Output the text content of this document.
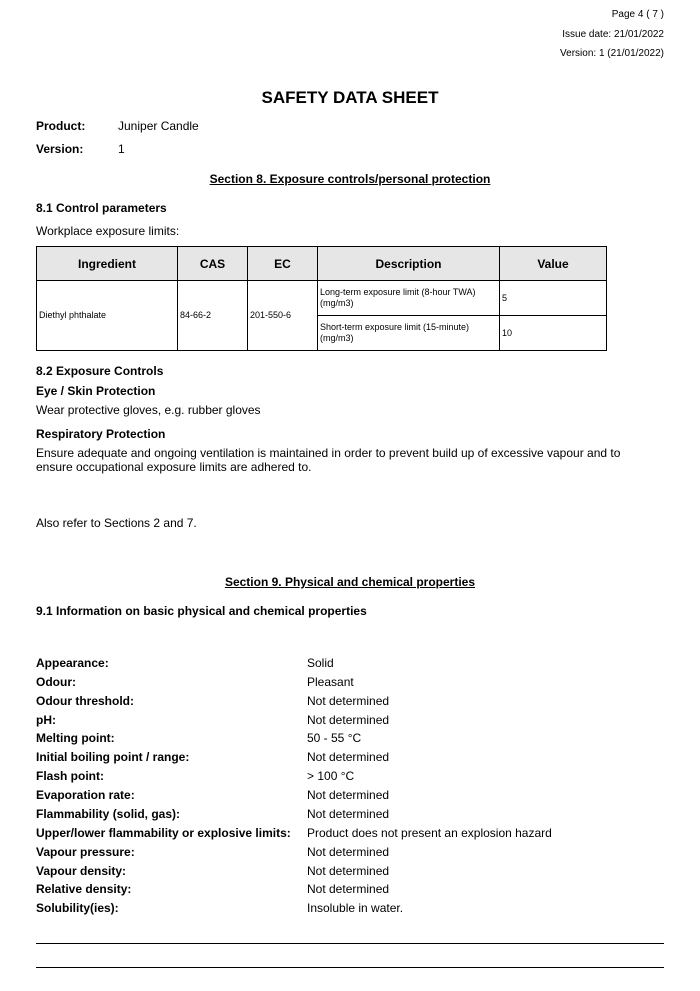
Page 4 ( 7 )
Issue date: 21/01/2022
Version: 1 (21/01/2022)
SAFETY DATA SHEET
Product:	Juniper Candle
Version:	1
Section 8. Exposure controls/personal protection
8.1 Control parameters
Workplace exposure limits:
Ingredient	CAS	EC	Description	Value
Diethyl phthalate	84-66-2	201-550-6	Long-term exposure limit (8-hour TWA) (mg/m3)	5
			Short-term exposure limit (15-minute) (mg/m3)	10
8.2 Exposure Controls
Eye / Skin Protection
Wear protective gloves, e.g. rubber gloves
Respiratory Protection
Ensure adequate and ongoing ventilation is maintained in order to prevent build up of excessive vapour and to ensure occupational exposure limits are adhered to.
Also refer to Sections 2 and 7.
Section 9. Physical and chemical properties
9.1 Information on basic physical and chemical properties
Appearance:	Solid
Odour:	Pleasant
Odour threshold:	Not determined
pH:	Not determined
Melting point:	50 - 55 °C
Initial boiling point / range:	Not determined
Flash point:	> 100 °C
Evaporation rate:	Not determined
Flammability (solid, gas):	Not determined
Upper/lower flammability or explosive limits: Product does not present an explosion hazard
Vapour pressure:	Not determined
Vapour density:	Not determined
Relative density:	Not determined
Solubility(ies):	Insoluble in water.
